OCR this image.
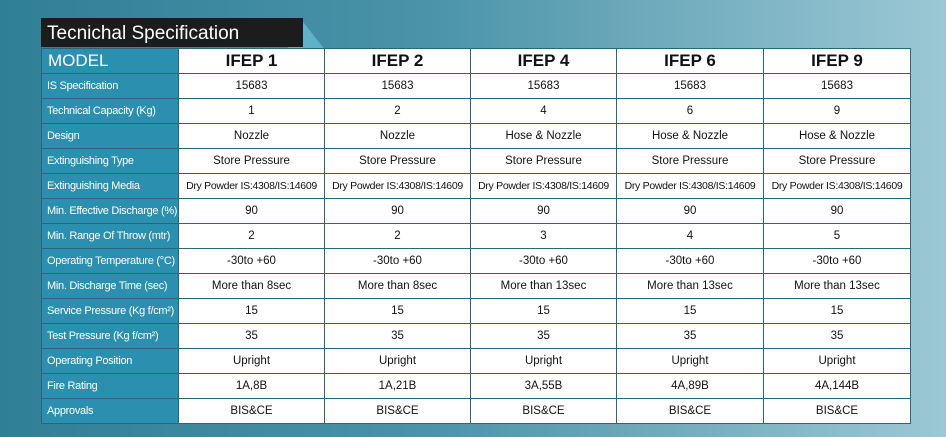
Tecnichal Specification
MODEL	IFEP 1	IFEP 2	IFEP 4	IFEP 6	IFEP 9
IS Specification	15683	15683	15683	15683	15683
Technical Capacity (Kg)	1	2	4	6	9
Design	Nozzle	Nozzle	Hose & Nozzle	Hose & Nozzle	Hose & Nozzle
Extinguishing Type	Store Pressure	Store Pressure	Store Pressure	Store Pressure	Store Pressure
Extinguishing Media	Dry Powder IS:4308/IS:14609	Dry Powder IS:4308/IS:14609	Dry Powder IS:4308/IS:14609	Dry Powder IS:4308/IS:14609	Dry Powder IS:4308/IS:14609
Min. Effective Discharge (%)	90	90	90	90	90
Min. Range Of Throw (mtr)	2	2	3	4	5
Operating Temperature (°C)	-30to +60	-30to +60	-30to +60	-30to +60	-30to +60
Min. Discharge Time (sec)	More than 8sec	More than 8sec	More than 13sec	More than 13sec	More than 13sec
Service Pressure (Kg f/cm²)	15	15	15	15	15
Test Pressure (Kg f/cm²)	35	35	35	35	35
Operating Position	Upright	Upright	Upright	Upright	Upright
Fire Rating	1A,8B	1A,21B	3A,55B	4A,89B	4A,144B
Approvals	BIS&CE	BIS&CE	BIS&CE	BIS&CE	BIS&CE
